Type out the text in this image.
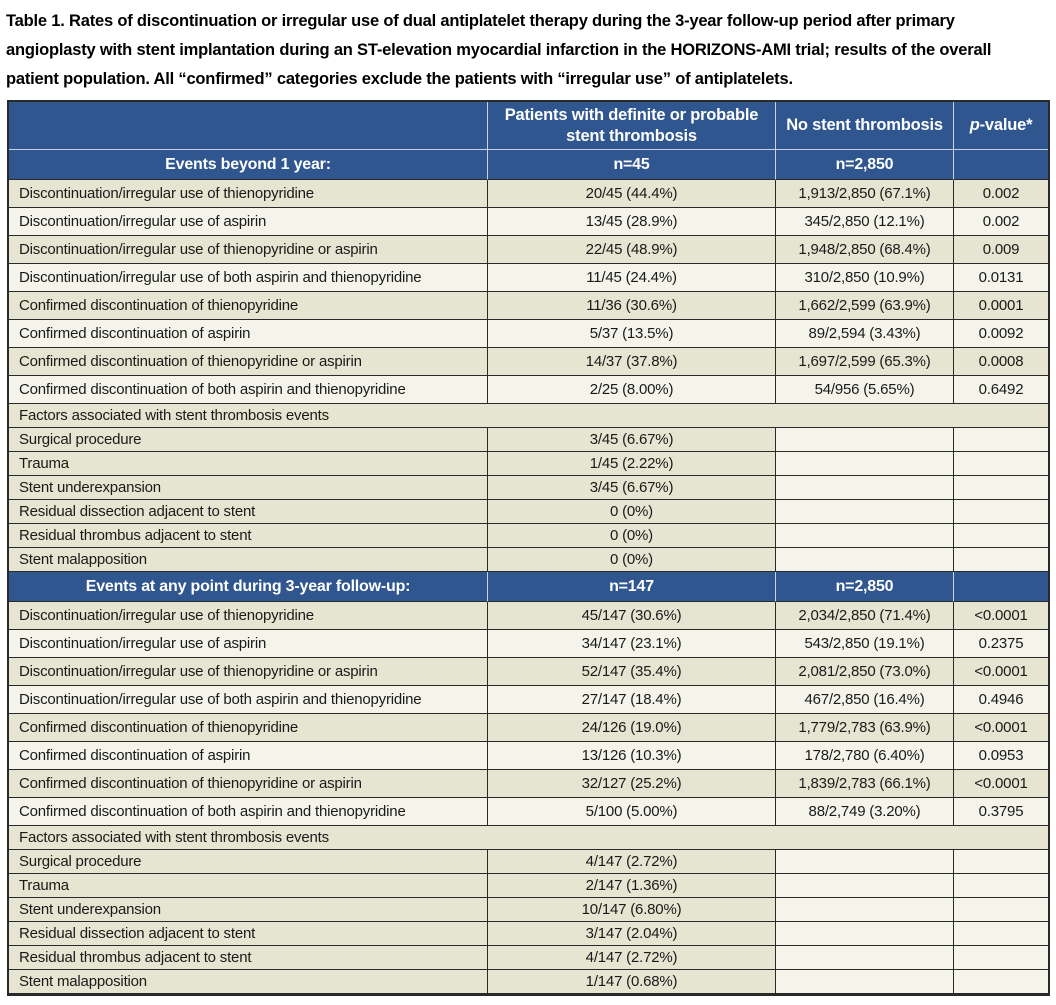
Table 1. Rates of discontinuation or irregular use of dual antiplatelet therapy during the 3-year follow-up period after primary angioplasty with stent implantation during an ST-elevation myocardial infarction in the HORIZONS-AMI trial; results of the overall patient population. All “confirmed” categories exclude the patients with “irregular use” of antiplatelets.
	Patients with definite or probable stent thrombosis	No stent thrombosis	p-value*
Events beyond 1 year:	n=45	n=2,850	
Discontinuation/irregular use of thienopyridine	20/45 (44.4%)	1,913/2,850 (67.1%)	0.002
Discontinuation/irregular use of aspirin	13/45 (28.9%)	345/2,850 (12.1%)	0.002
Discontinuation/irregular use of thienopyridine or aspirin	22/45 (48.9%)	1,948/2,850 (68.4%)	0.009
Discontinuation/irregular use of both aspirin and thienopyridine	11/45 (24.4%)	310/2,850 (10.9%)	0.0131
Confirmed discontinuation of thienopyridine	11/36 (30.6%)	1,662/2,599 (63.9%)	0.0001
Confirmed discontinuation of aspirin	5/37 (13.5%)	89/2,594 (3.43%)	0.0092
Confirmed discontinuation of thienopyridine or aspirin	14/37 (37.8%)	1,697/2,599 (65.3%)	0.0008
Confirmed discontinuation of both aspirin and thienopyridine	2/25 (8.00%)	54/956 (5.65%)	0.6492
Factors associated with stent thrombosis events			
Surgical procedure	3/45 (6.67%)		
Trauma	1/45 (2.22%)		
Stent underexpansion	3/45 (6.67%)		
Residual dissection adjacent to stent	0 (0%)		
Residual thrombus adjacent to stent	0 (0%)		
Stent malapposition	0 (0%)		
Events at any point during 3-year follow-up:	n=147	n=2,850	
Discontinuation/irregular use of thienopyridine	45/147 (30.6%)	2,034/2,850 (71.4%)	<0.0001
Discontinuation/irregular use of aspirin	34/147 (23.1%)	543/2,850 (19.1%)	0.2375
Discontinuation/irregular use of thienopyridine or aspirin	52/147 (35.4%)	2,081/2,850 (73.0%)	<0.0001
Discontinuation/irregular use of both aspirin and thienopyridine	27/147 (18.4%)	467/2,850 (16.4%)	0.4946
Confirmed discontinuation of thienopyridine	24/126 (19.0%)	1,779/2,783 (63.9%)	<0.0001
Confirmed discontinuation of aspirin	13/126 (10.3%)	178/2,780 (6.40%)	0.0953
Confirmed discontinuation of thienopyridine or aspirin	32/127 (25.2%)	1,839/2,783 (66.1%)	<0.0001
Confirmed discontinuation of both aspirin and thienopyridine	5/100 (5.00%)	88/2,749 (3.20%)	0.3795
Factors associated with stent thrombosis events			
Surgical procedure	4/147 (2.72%)		
Trauma	2/147 (1.36%)		
Stent underexpansion	10/147 (6.80%)		
Residual dissection adjacent to stent	3/147 (2.04%)		
Residual thrombus adjacent to stent	4/147 (2.72%)		
Stent malapposition	1/147 (0.68%)		
